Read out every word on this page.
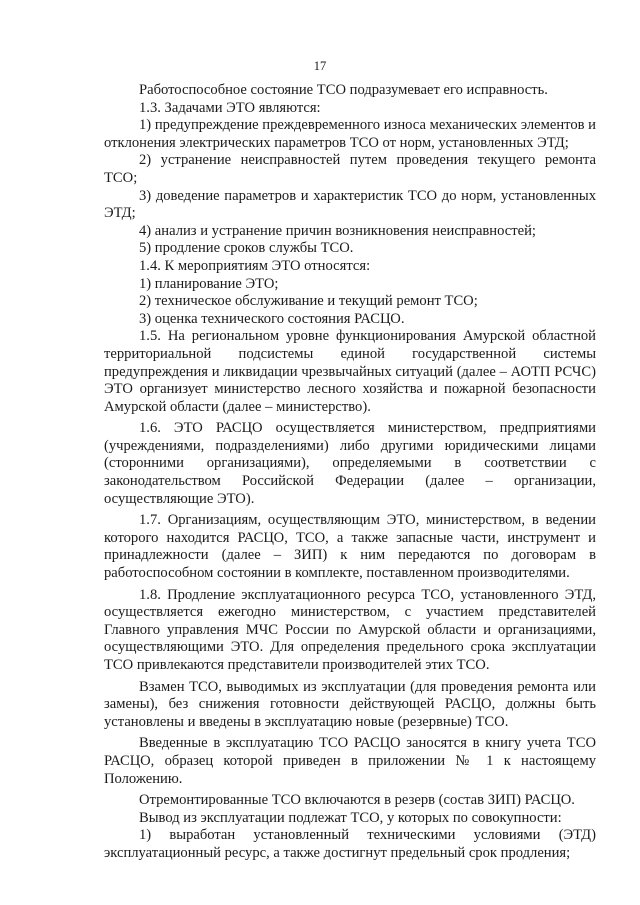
17

Работоспособное состояние ТСО подразумевает его исправность.

1.3. Задачами ЭТО являются:

1) предупреждение преждевременного износа механических элементов и отклонения электрических параметров ТСО от норм, установленных ЭТД;

2) устранение неисправностей путем проведения текущего ремонта ТСО;

3) доведение параметров и характеристик ТСО до норм, установленных ЭТД;

4) анализ и устранение причин возникновения неисправностей;

5) продление сроков службы ТСО.

1.4. К мероприятиям ЭТО относятся:

1) планирование ЭТО;

2) техническое обслуживание и текущий ремонт ТСО;

3) оценка технического состояния РАСЦО.

1.5. На региональном уровне функционирования Амурской областной территориальной подсистемы единой государственной системы предупреждения и ликвидации чрезвычайных ситуаций (далее – АОТП РСЧС) ЭТО организует министерство лесного хозяйства и пожарной безопасности Амурской области (далее – министерство).

1.6. ЭТО РАСЦО осуществляется министерством, предприятиями (учреждениями, подразделениями) либо другими юридическими лицами (сторонними организациями), определяемыми в соответствии с законодательством Российской Федерации (далее – организации, осуществляющие ЭТО).

1.7. Организациям, осуществляющим ЭТО, министерством, в ведении которого находится РАСЦО, ТСО, а также запасные части, инструмент и принадлежности (далее – ЗИП) к ним передаются по договорам в работоспособном состоянии в комплекте, поставленном производителями.

1.8. Продление эксплуатационного ресурса ТСО, установленного ЭТД, осуществляется ежегодно министерством, с участием представителей Главного управления МЧС России по Амурской области и организациями, осуществляющими ЭТО. Для определения предельного срока эксплуатации ТСО привлекаются представители производителей этих ТСО.

Взамен ТСО, выводимых из эксплуатации (для проведения ремонта или замены), без снижения готовности действующей РАСЦО, должны быть установлены и введены в эксплуатацию новые (резервные) ТСО.

Введенные в эксплуатацию ТСО РАСЦО заносятся в книгу учета ТСО РАСЦО, образец которой приведен в приложении № 1 к настоящему Положению.

Отремонтированные ТСО включаются в резерв (состав ЗИП) РАСЦО.

Вывод из эксплуатации подлежат ТСО, у которых по совокупности:

1) выработан установленный техническими условиями (ЭТД) эксплуатационный ресурс, а также достигнут предельный срок продления;
